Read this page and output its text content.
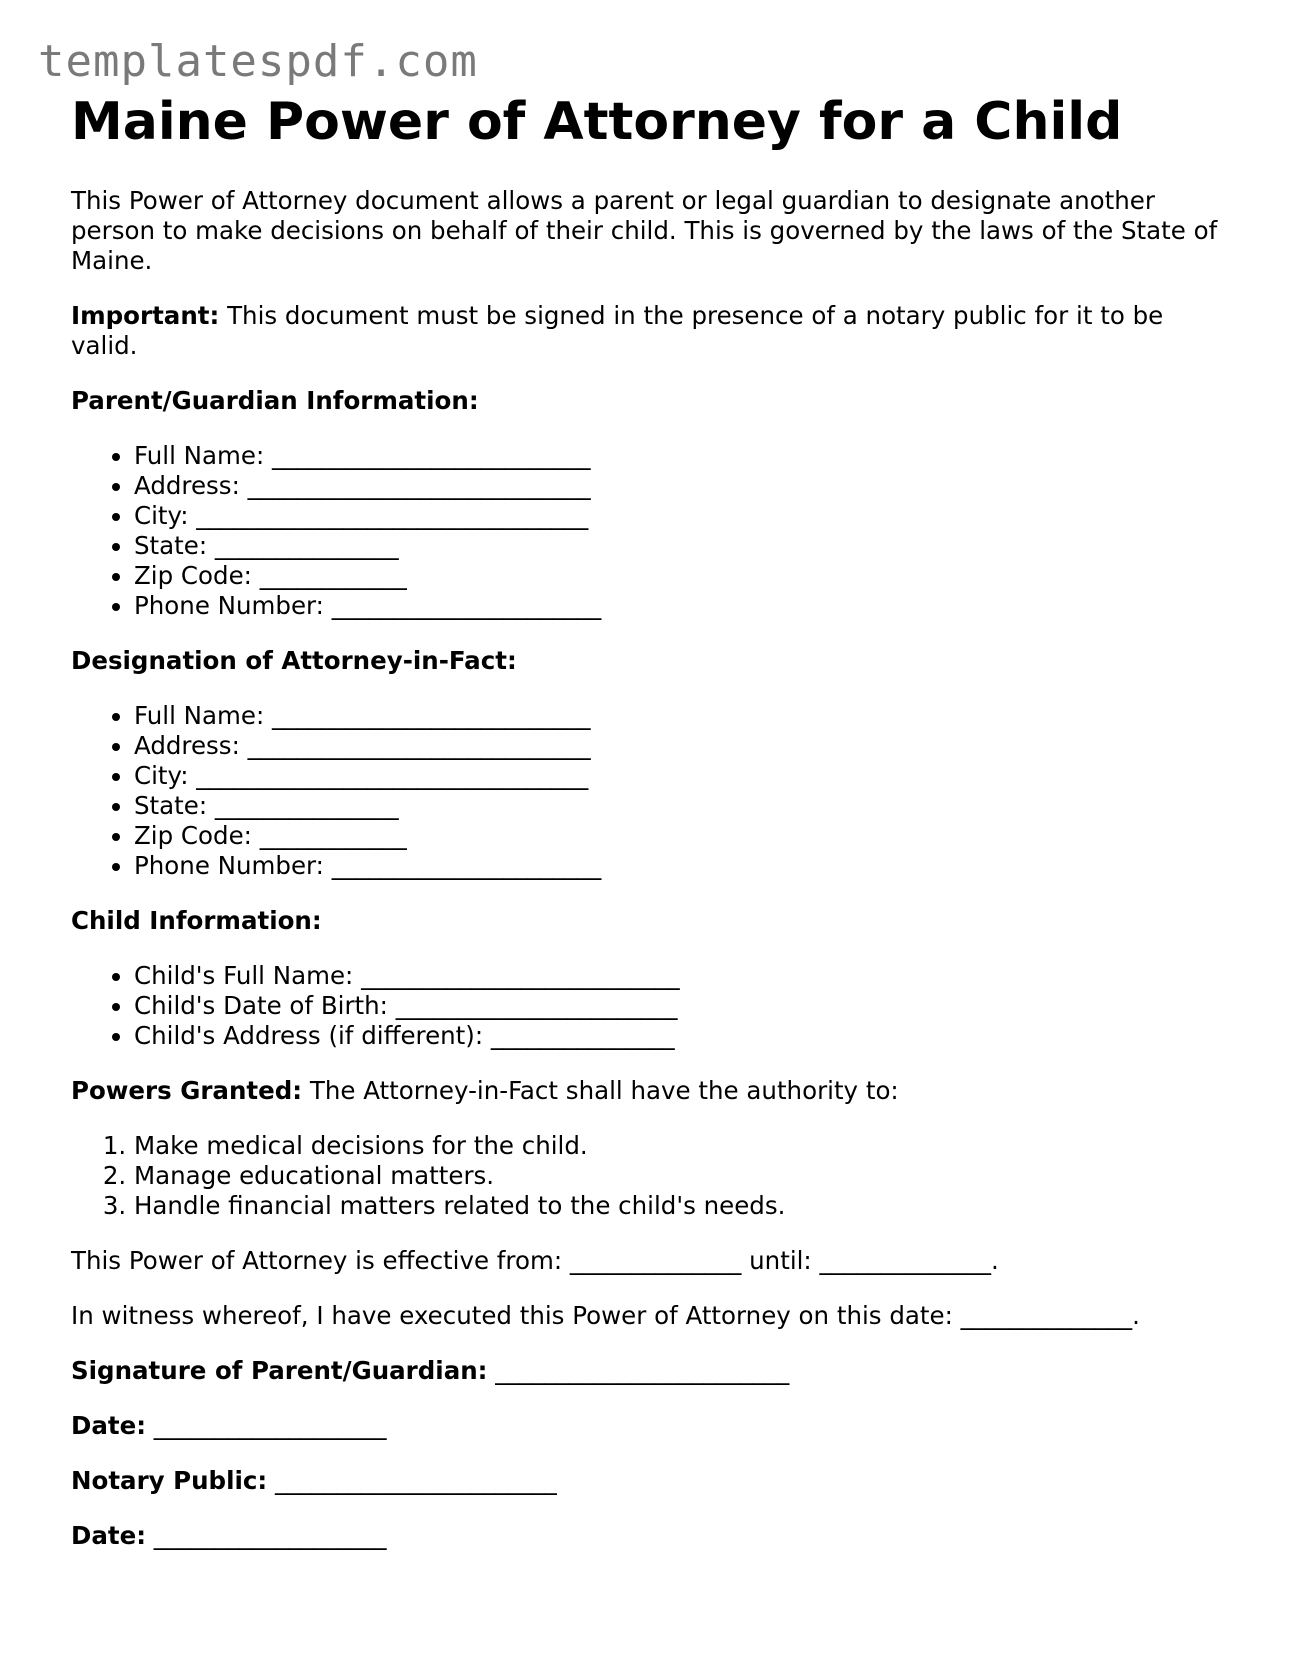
templatespdf.com
Maine Power of Attorney for a Child

This Power of Attorney document allows a parent or legal guardian to designate another person to make decisions on behalf of their child. This is governed by the laws of the State of Maine.

Important: This document must be signed in the presence of a notary public for it to be valid.

Parent/Guardian Information:

• Full Name: __________________________
• Address: ____________________________
• City: ________________________________
• State: _______________
• Zip Code: ____________
• Phone Number: ______________________

Designation of Attorney-in-Fact:

• Full Name: __________________________
• Address: ____________________________
• City: ________________________________
• State: _______________
• Zip Code: ____________
• Phone Number: ______________________

Child Information:

• Child's Full Name: __________________________
• Child's Date of Birth: _______________________
• Child's Address (if different): _______________

Powers Granted: The Attorney-in-Fact shall have the authority to:

1. Make medical decisions for the child.
2. Manage educational matters.
3. Handle financial matters related to the child's needs.

This Power of Attorney is effective from: ______________ until: ______________.

In witness whereof, I have executed this Power of Attorney on this date: ______________.

Signature of Parent/Guardian: ________________________

Date: ___________________

Notary Public: _______________________

Date: ___________________
